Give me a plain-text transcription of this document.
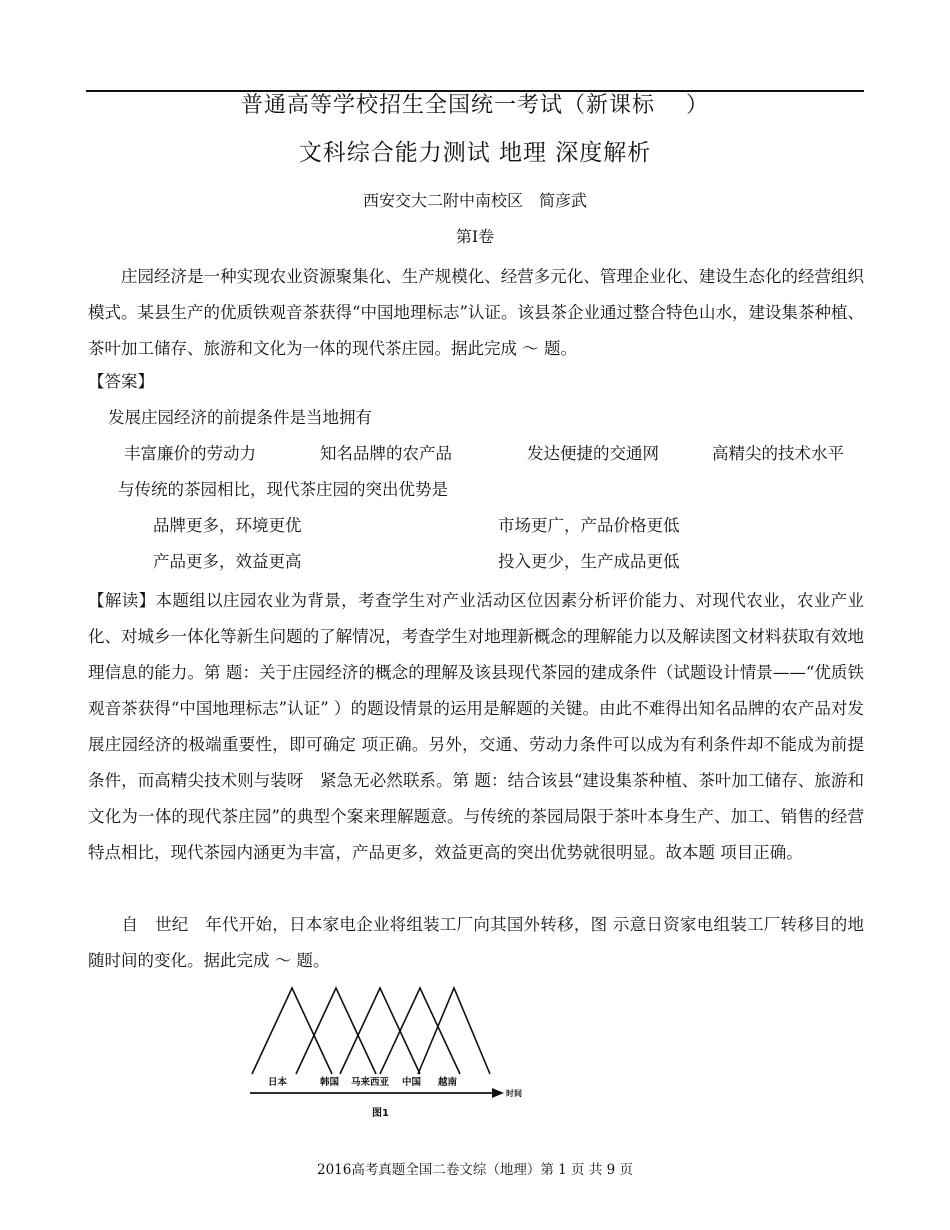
普通高等学校招生全国统一考试（新课标　 ）
文科综合能力测试 地理 深度解析
西安交大二附中南校区　简彦武
第Ⅰ卷

　　庄园经济是一种实现农业资源聚集化、生产规模化、经营多元化、管理企业化、建设生态化的经营组织模式。某县生产的优质铁观音茶获得“中国地理标志”认证。该县茶企业通过整合特色山水，建设集茶种植、茶叶加工储存、旅游和文化为一体的现代茶庄园。据此完成 ～ 题。

【答案】
发展庄园经济的前提条件是当地拥有
丰富廉价的劳动力	知名品牌的农产品	发达便捷的交通网	高精尖的技术水平
与传统的茶园相比，现代茶庄园的突出优势是
品牌更多，环境更优	市场更广，产品价格更低
产品更多，效益更高	投入更少，生产成品更低

【解读】本题组以庄园农业为背景，考查学生对产业活动区位因素分析评价能力、对现代农业，农业产业化、对城乡一体化等新生问题的了解情况，考查学生对地理新概念的理解能力以及解读图文材料获取有效地理信息的能力。第 题：关于庄园经济的概念的理解及该县现代茶园的建成条件（试题设计情景——“优质铁观音茶获得“中国地理标志”认证” ）的题设情景的运用是解题的关键。由此不难得出知名品牌的农产品对发展庄园经济的极端重要性，即可确定 项正确。另外，交通、劳动力条件可以成为有利条件却不能成为前提条件，而高精尖技术则与装呀　紧急无必然联系。第 题：结合该县“建设集茶种植、茶叶加工储存、旅游和文化为一体的现代茶庄园”的典型个案来理解题意。与传统的茶园局限于茶叶本身生产、加工、销售的经营特点相比，现代茶园内涵更为丰富，产品更多，效益更高的突出优势就很明显。故本题 项目正确。

　　自　世纪　年代开始，日本家电企业将组装工厂向其国外转移，图 示意日资家电组装工厂转移目的地随时间的变化。据此完成 ～ 题。

日本	韩国 马来西亚 中国 越南
时间
图1
2016高考真题全国二卷文综（地理）第 1 页 共 9 页
